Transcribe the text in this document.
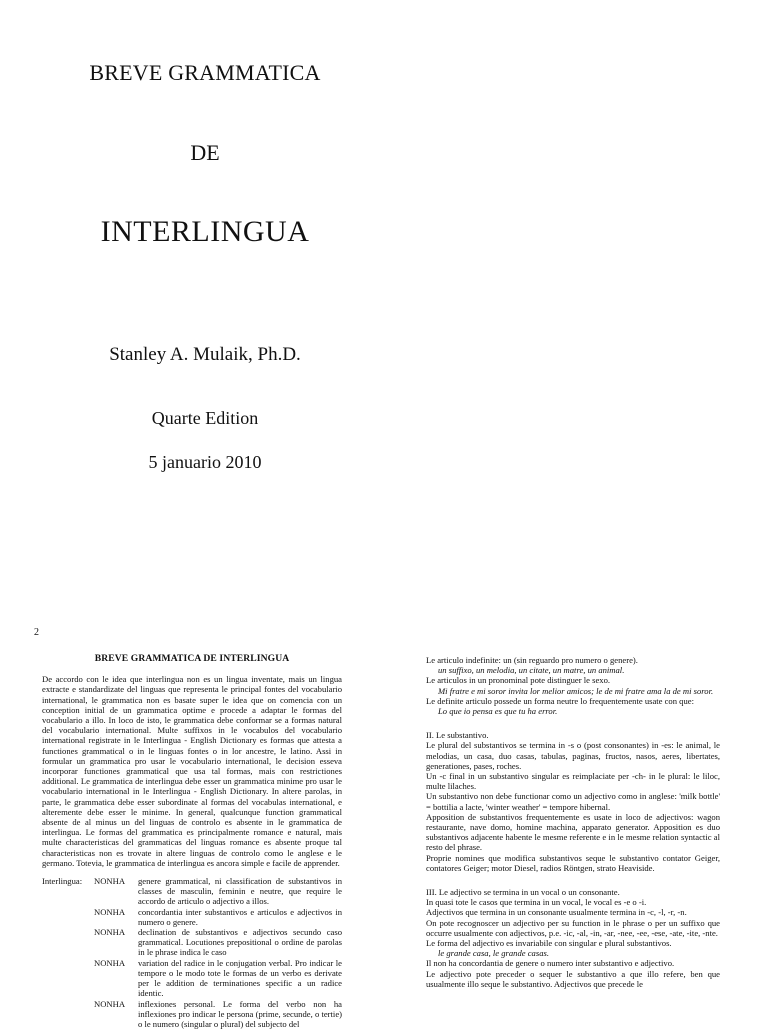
BREVE GRAMMATICA
DE
INTERLINGUA
Stanley A. Mulaik, Ph.D.
Quarte Edition
5 januario 2010
2
BREVE GRAMMATICA DE INTERLINGUA
De accordo con le idea que interlingua non es un lingua inventate, mais un lingua extracte e standardizate del linguas que representa le principal fontes del vocabulario international, le grammatica non es basate super le idea que on comencia con un conception initial de un grammatica optime e procede a adaptar le formas del vocabulario a illo. In loco de isto, le grammatica debe conformar se a formas natural del vocabulario international. Multe suffixos in le vocabulos del vocabulario international registrate in le Interlingua - English Dictionary es formas que attesta a functiones grammatical o in le linguas fontes o in lor ancestre, le latino. Assi in formular un grammatica pro usar le vocabulario international, le decision esseva incorporar functiones grammatical que usa tal formas, mais con restrictiones additional. Le grammatica de interlingua debe esser un grammatica minime pro usar le vocabulario international in le Interlingua - English Dictionary. In altere parolas, in parte, le grammatica debe esser subordinate al formas del vocabulas international, e alteremente debe esser le minime. In general, qualcunque function grammatical absente de al minus un del linguas de controlo es absente in le grammatica de interlingua. Le formas del grammatica es principalmente romance e natural, mais multe characteristicas del grammaticas del linguas romance es absente proque tal characteristicas non es trovate in altere linguas de controlo como le anglese e le germano. Totevia, le grammatica de interlingua es ancora simple e facile de apprender.
Interlingua:	NONHA	genere grammatical, ni classification de substantivos in classes de masculin, feminin e neutre, que require le accordo de articulo o adjectivo a illos.
NONHA	concordantia inter substantivos e articulos e adjectivos in numero o genere.
NONHA	declination de substantivos e adjectivos secundo caso grammatical. Locutiones prepositional o ordine de parolas in le phrase indica le caso
NONHA	variation del radice in le conjugation verbal. Pro indicar le tempore o le modo tote le formas de un verbo es derivate per le addition de terminationes specific a un radice identic.
NONHA	inflexiones personal. Le forma del verbo non ha inflexiones pro indicar le persona (prime, secunde, o tertie) o le numero (singular o plural) del subjecto del
Le articulo indefinite: un (sin reguardo pro numero o genere).
un suffixo, un melodia, un citate, un matre, un animal.
Le articulos in un pronominal pote distinguer le sexo.
Mi fratre e mi soror invita lor melior amicos; le de mi fratre ama la de mi soror.
Le definite articulo possede un forma neutre lo frequentemente usate con que:
Lo que io pensa es que tu ha error.
II. Le substantivo.
Le plural del substantivos se termina in -s o (post consonantes) in -es: le animal, le melodias, un casa, duo casas, tabulas, paginas, fructos, nasos, aeres, libertates, generationes, pases, roches.
Un -c final in un substantivo singular es reimplaciate per -ch- in le plural: le liloc, multe lilaches.
Un substantivo non debe functionar como un adjectivo como in anglese: 'milk bottle' = bottilia a lacte, 'winter weather' = tempore hibernal.
Apposition de substantivos frequentemente es usate in loco de adjectivos: wagon restaurante, nave domo, homine machina, apparato generator. Apposition es duo substantivos adjacente habente le mesme referente e in le mesme relation syntactic al resto del phrase.
Proprie nomines que modifica substantivos seque le substantivo contator Geiger, contatores Geiger; motor Diesel, radios Röntgen, strato Heaviside.
III. Le adjectivo se termina in un vocal o un consonante.
In quasi tote le casos que termina in un vocal, le vocal es -e o -i.
Adjectivos que termina in un consonante usualmente termina in -c, -l, -r, -n.
On pote recognoscer un adjectivo per su function in le phrase o per un suffixo que occurre usualmente con adjectivos, p.e. -ic, -al, -in, -ar, -nee, -ee, -ese, -ate, -ite, -nte.
Le forma del adjectivo es invariabile con singular e plural substantivos.
le grande casa, le grande casas.
Il non ha concordantia de genere o numero inter substantivo e adjectivo.
Le adjectivo pote preceder o sequer le substantivo a que illo refere, ben que usualmente illo seque le substantivo. Adjectivos que precede le
